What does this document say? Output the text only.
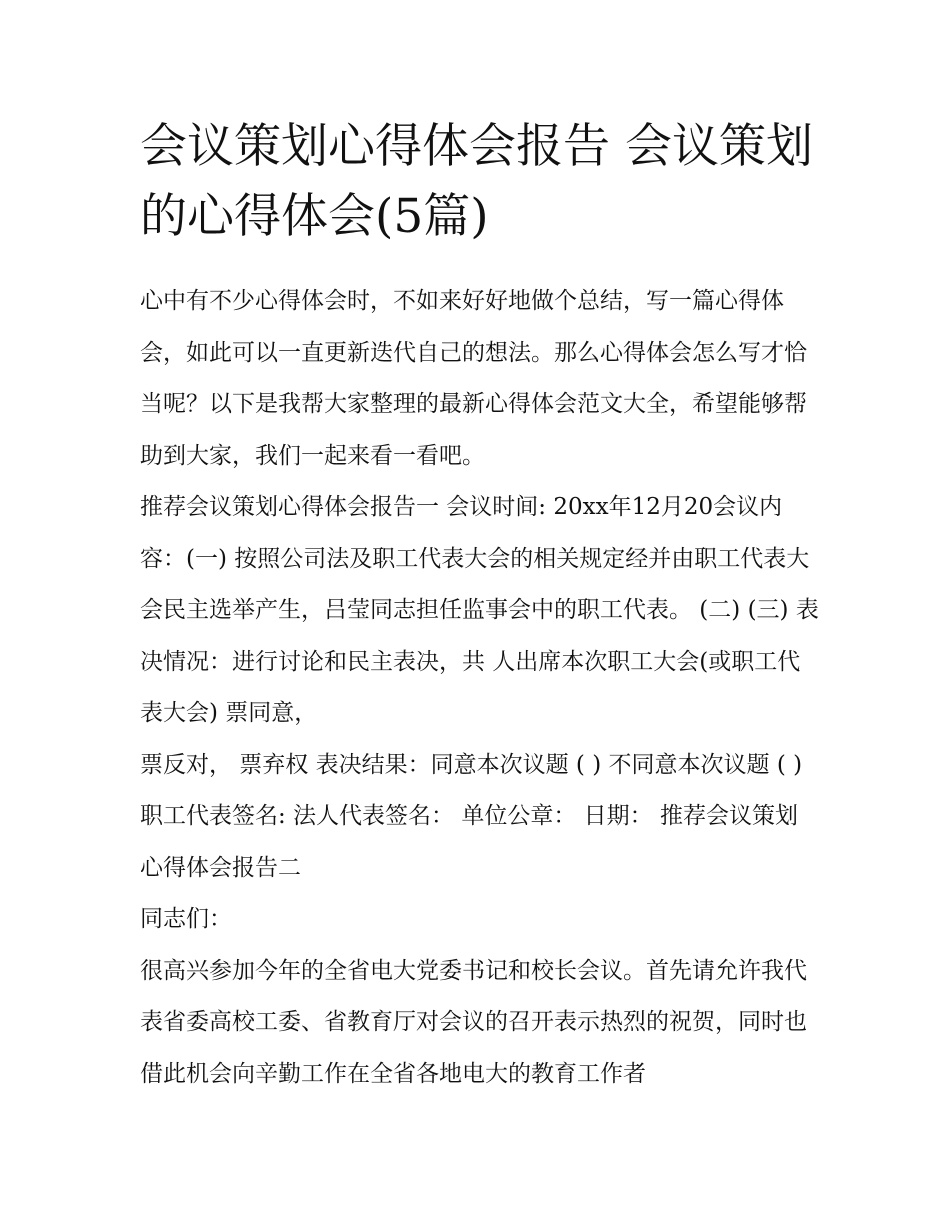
会议策划心得体会报告 会议策划的心得体会(5篇)

心中有不少心得体会时，不如来好好地做个总结，写一篇心得体会，如此可以一直更新迭代自己的想法。那么心得体会怎么写才恰当呢？以下是我帮大家整理的最新心得体会范文大全，希望能够帮助到大家，我们一起来看一看吧。

推荐会议策划心得体会报告一 会议时间: 20xx年12月20会议内容：(一) 按照公司法及职工代表大会的相关规定经并由职工代表大会民主选举产生，吕莹同志担任监事会中的职工代表。 (二) (三) 表决情况：进行讨论和民主表决，共 人出席本次职工大会(或职工代表大会) 票同意，

票反对， 票弃权 表决结果：同意本次议题 ( ) 不同意本次议题 ( ) 职工代表签名: 法人代表签名： 单位公章： 日期： 推荐会议策划心得体会报告二

同志们：

很高兴参加今年的全省电大党委书记和校长会议。首先请允许我代表省委高校工委、省教育厅对会议的召开表示热烈的祝贺，同时也借此机会向辛勤工作在全省各地电大的教育工作者
